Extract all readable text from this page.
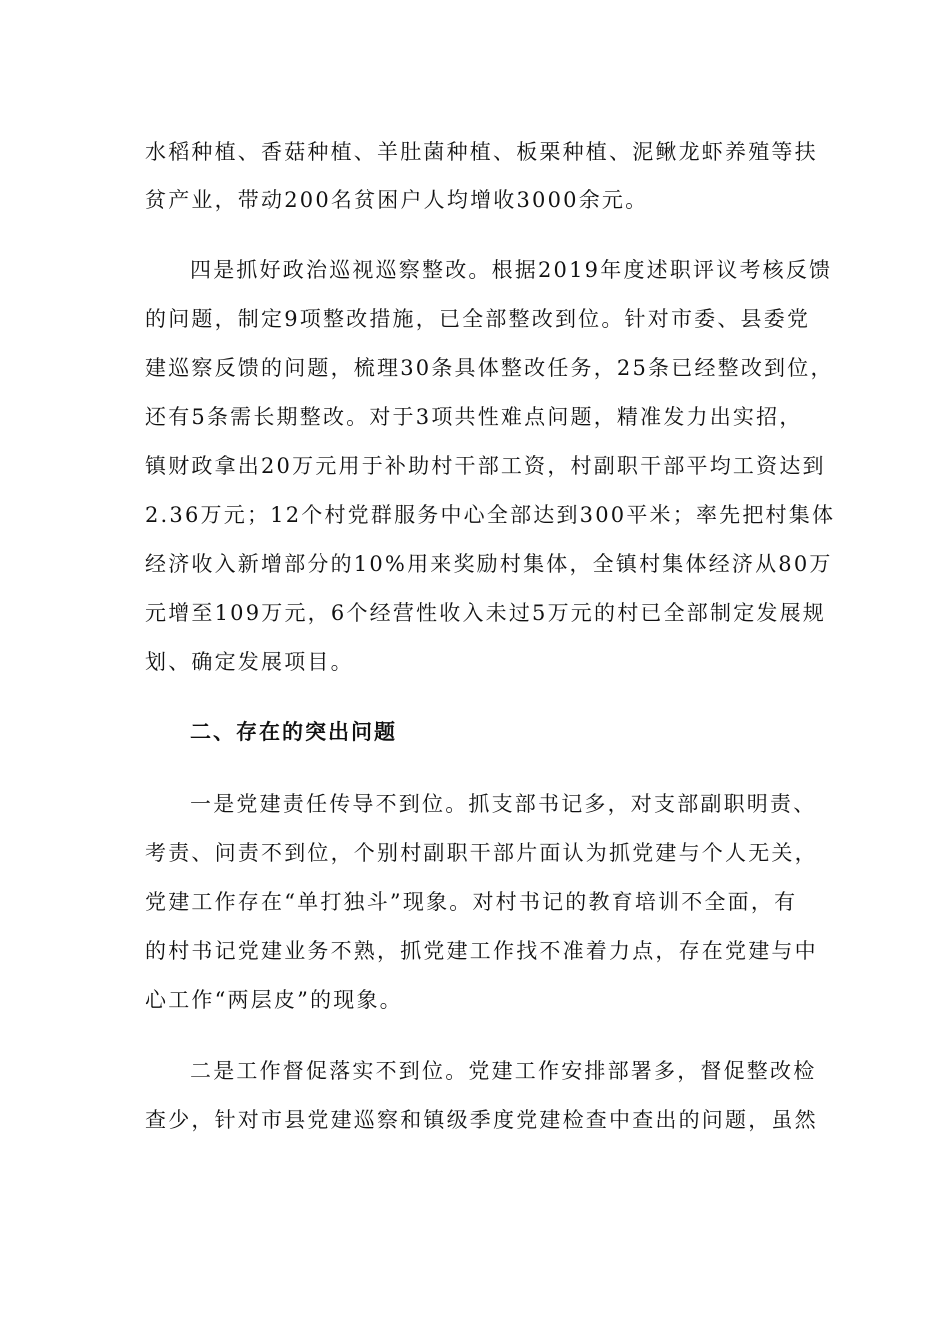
水稻种植、香菇种植、羊肚菌种植、板栗种植、泥鳅龙虾养殖等扶
贫产业，带动200名贫困户人均增收3000余元。
四是抓好政治巡视巡察整改。根据2019年度述职评议考核反馈
的问题，制定9项整改措施，已全部整改到位。针对市委、县委党
建巡察反馈的问题，梳理30条具体整改任务，25条已经整改到位，
还有5条需长期整改。对于3项共性难点问题，精准发力出实招，
镇财政拿出20万元用于补助村干部工资，村副职干部平均工资达到
2.36万元；12个村党群服务中心全部达到300平米；率先把村集体
经济收入新增部分的10%用来奖励村集体，全镇村集体经济从80万
元增至109万元，6个经营性收入未过5万元的村已全部制定发展规
划、确定发展项目。
二、存在的突出问题
一是党建责任传导不到位。抓支部书记多，对支部副职明责、
考责、问责不到位，个别村副职干部片面认为抓党建与个人无关，
党建工作存在“单打独斗”现象。对村书记的教育培训不全面，有
的村书记党建业务不熟，抓党建工作找不准着力点，存在党建与中
心工作“两层皮”的现象。
二是工作督促落实不到位。党建工作安排部署多，督促整改检
查少，针对市县党建巡察和镇级季度党建检查中查出的问题，虽然
